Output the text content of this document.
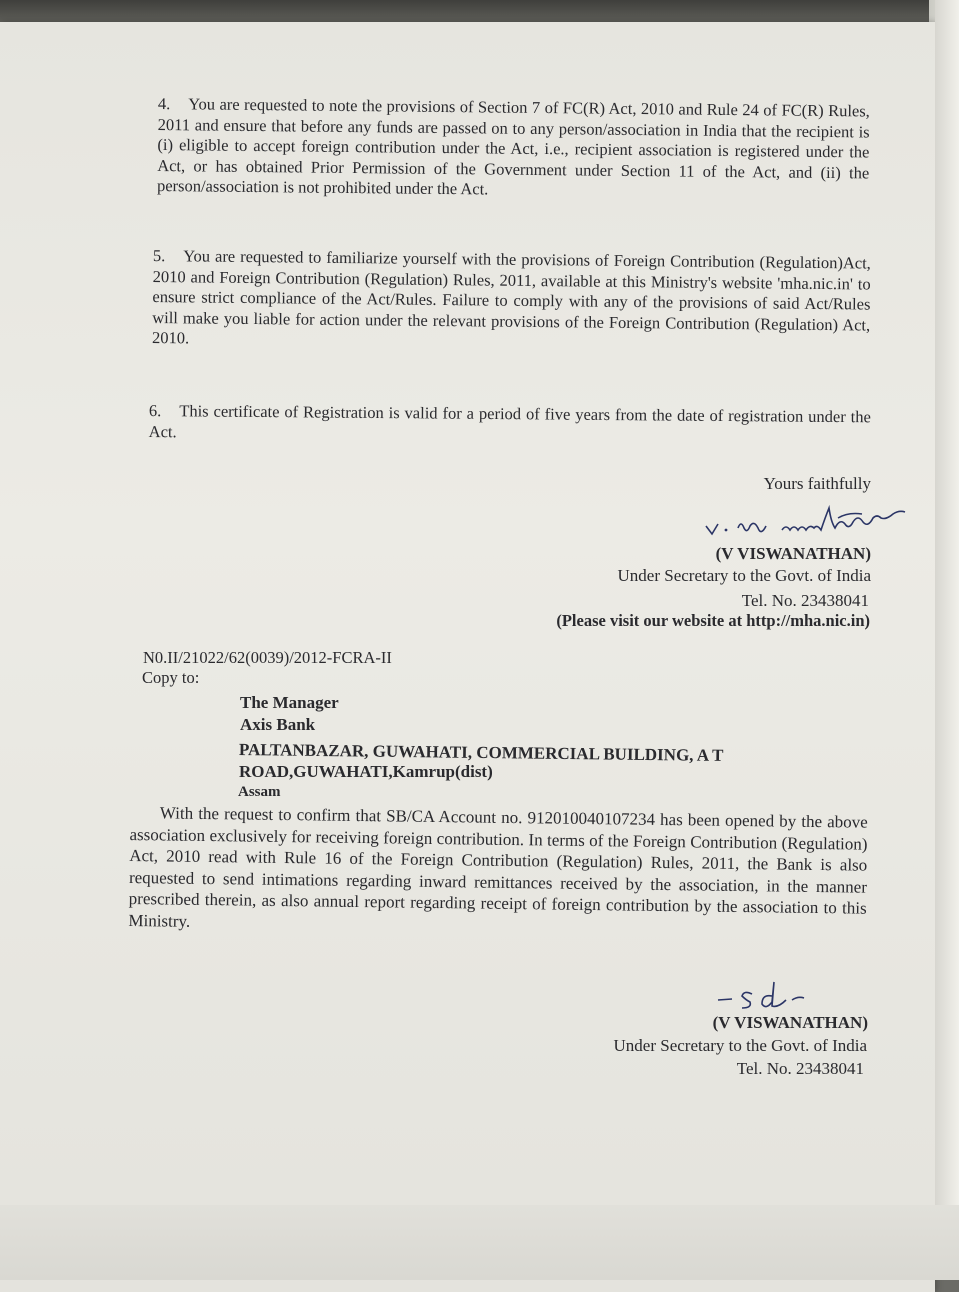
4. You are requested to note the provisions of Section 7 of FC(R) Act, 2010 and Rule 24 of FC(R) Rules, 2011 and ensure that before any funds are passed on to any person/association in India that the recipient is (i) eligible to accept foreign contribution under the Act, i.e., recipient association is registered under the Act, or has obtained Prior Permission of the Government under Section 11 of the Act, and (ii) the person/association is not prohibited under the Act.

5. You are requested to familiarize yourself with the provisions of Foreign Contribution (Regulation)Act, 2010 and Foreign Contribution (Regulation) Rules, 2011, available at this Ministry's website 'mha.nic.in' to ensure strict compliance of the Act/Rules. Failure to comply with any of the provisions of said Act/Rules will make you liable for action under the relevant provisions of the Foreign Contribution (Regulation) Act, 2010.

6. This certificate of Registration is valid for a period of five years from the date of registration under the Act.

Yours faithfully
(V VISWANATHAN)
Under Secretary to the Govt. of India
Tel. No. 23438041
(Please visit our website at http://mha.nic.in)
N0.II/21022/62(0039)/2012-FCRA-II
Copy to:
The Manager
Axis Bank
PALTANBAZAR, GUWAHATI, COMMERCIAL BUILDING, A T
ROAD,GUWAHATI,Kamrup(dist)
Assam

With the request to confirm that SB/CA Account no. 912010040107234 has been opened by the above association exclusively for receiving foreign contribution. In terms of the Foreign Contribution (Regulation) Act, 2010 read with Rule 16 of the Foreign Contribution (Regulation) Rules, 2011, the Bank is also requested to send intimations regarding inward remittances received by the association, in the manner prescribed therein, as also annual report regarding receipt of foreign contribution by the association to this Ministry.

(V VISWANATHAN)
Under Secretary to the Govt. of India
Tel. No. 23438041
